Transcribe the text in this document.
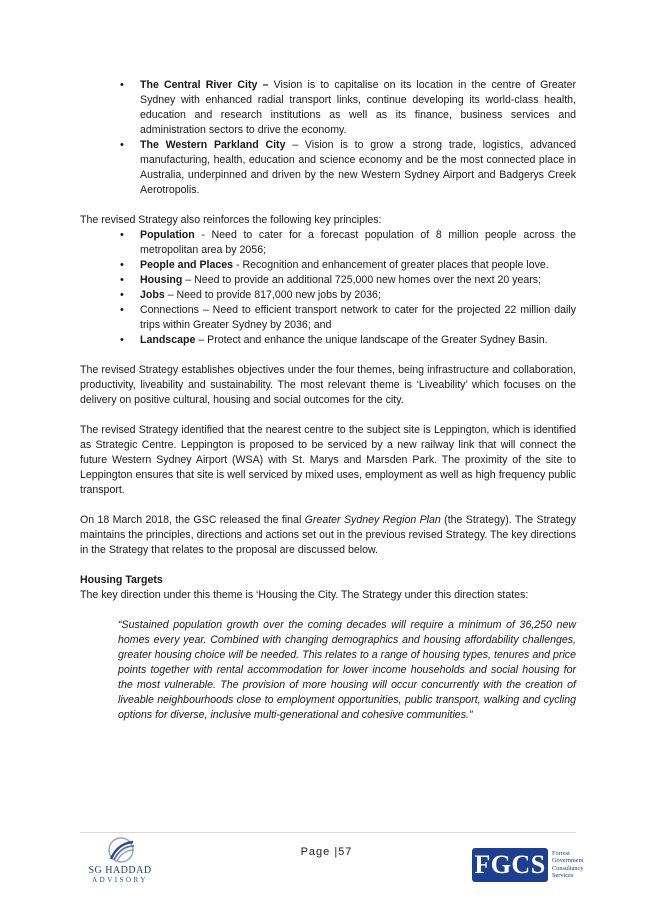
• The Central River City – Vision is to capitalise on its location in the centre of Greater Sydney with enhanced radial transport links, continue developing its world-class health, education and research institutions as well as its finance, business services and administration sectors to drive the economy.
• The Western Parkland City – Vision is to grow a strong trade, logistics, advanced manufacturing, health, education and science economy and be the most connected place in Australia, underpinned and driven by the new Western Sydney Airport and Badgerys Creek Aerotropolis.

The revised Strategy also reinforces the following key principles:

• Population - Need to cater for a forecast population of 8 million people across the metropolitan area by 2056;
• People and Places - Recognition and enhancement of greater places that people love.
• Housing – Need to provide an additional 725,000 new homes over the next 20 years;
• Jobs – Need to provide 817,000 new jobs by 2036;
• Connections – Need to efficient transport network to cater for the projected 22 million daily trips within Greater Sydney by 2036; and
• Landscape – Protect and enhance the unique landscape of the Greater Sydney Basin.

The revised Strategy establishes objectives under the four themes, being infrastructure and collaboration, productivity, liveability and sustainability. The most relevant theme is ‘Liveability’ which focuses on the delivery on positive cultural, housing and social outcomes for the city.

The revised Strategy identified that the nearest centre to the subject site is Leppington, which is identified as Strategic Centre. Leppington is proposed to be serviced by a new railway link that will connect the future Western Sydney Airport (WSA) with St. Marys and Marsden Park. The proximity of the site to Leppington ensures that site is well serviced by mixed uses, employment as well as high frequency public transport.

On 18 March 2018, the GSC released the final Greater Sydney Region Plan (the Strategy). The Strategy maintains the principles, directions and actions set out in the previous revised Strategy. The key directions in the Strategy that relates to the proposal are discussed below.

Housing Targets

The key direction under this theme is ‘Housing the City. The Strategy under this direction states:

“Sustained population growth over the coming decades will require a minimum of 36,250 new homes every year. Combined with changing demographics and housing affordability challenges, greater housing choice will be needed. This relates to a range of housing types, tenures and price points together with rental accommodation for lower income households and social housing for the most vulnerable. The provision of more housing will occur concurrently with the creation of liveable neighbourhoods close to employment opportunities, public transport, walking and cycling options for diverse, inclusive multi-generational and cohesive communities.”

Page |57
SG HADDAD
ADVISORY
FGCS	Forrest
Government
Consultancy
Services
